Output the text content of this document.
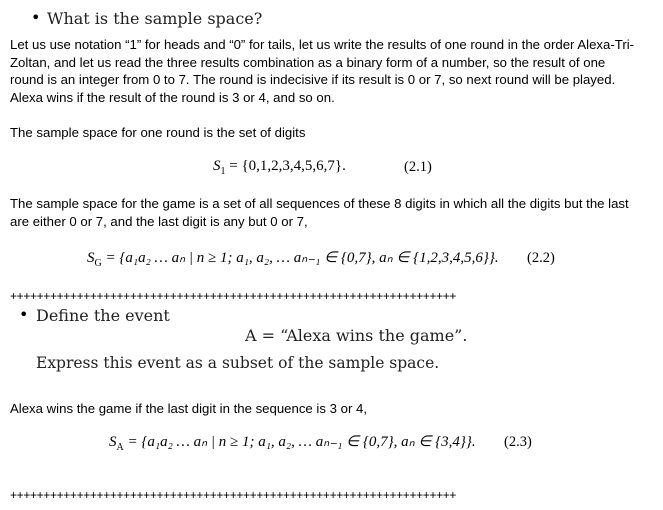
• What is the sample space?
Let us use notation “1” for heads and “0” for tails, let us write the results of one round in the order Alexa-Tri-Zoltan, and let us read the three results combination as a binary form of a number, so the result of one round is an integer from 0 to 7. The round is indecisive if its result is 0 or 7, so next round will be played. Alexa wins if the result of the round is 3 or 4, and so on.
The sample space for one round is the set of digits
$S_1 = \{0,1,2,3,4,5,6,7\}$.	(2.1)
The sample space for the game is a set of all sequences of these 8 digits in which all the digits but the last are either 0 or 7, and the last digit is any but 0 or 7,
$S_G = \{a_1a_2$ … aₙ | n ≥ 1; a₁, a₂, … aₙ₋₁ ∈ {0,7}, aₙ ∈ {1,2,3,4,5,6}}. (2.2)
+++++++++++++++++++++++++++++++++++++++++++++++++++++++++++++++++++
• Define the event
A = “Alexa wins the game”.
Express this event as a subset of the sample space.
Alexa wins the game if the last digit in the sequence is 3 or 4,
$S_A = \{a_1a_2$ … aₙ | n ≥ 1; a₁, a₂, … aₙ₋₁ ∈ {0,7}, aₙ ∈ {3,4}}. (2.3)
+++++++++++++++++++++++++++++++++++++++++++++++++++++++++++++++++++
